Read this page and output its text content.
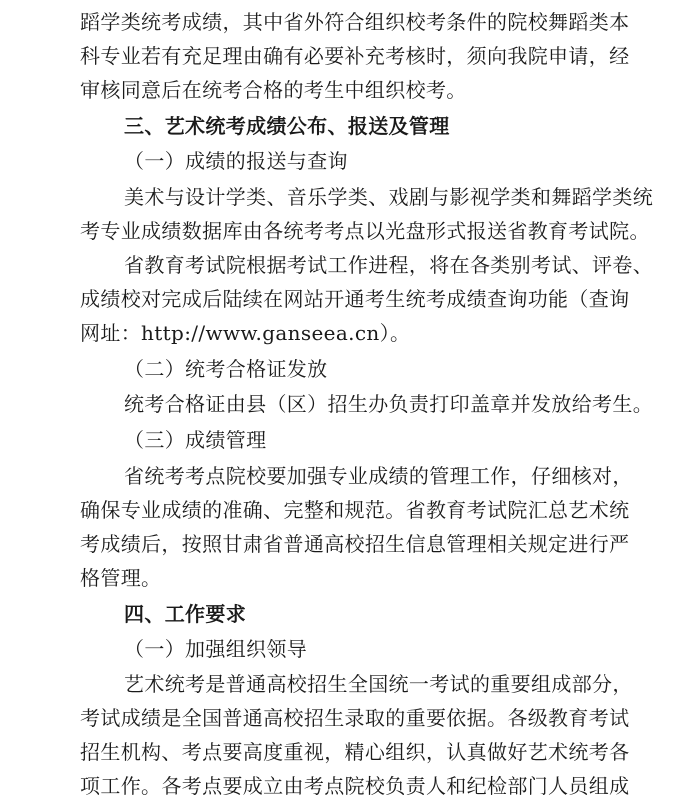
蹈学类统考成绩，其中省外符合组织校考条件的院校舞蹈类本
科专业若有充足理由确有必要补充考核时，须向我院申请，经
审核同意后在统考合格的考生中组织校考。
三、艺术统考成绩公布、报送及管理
（一）成绩的报送与查询
美术与设计学类、音乐学类、戏剧与影视学类和舞蹈学类统
考专业成绩数据库由各统考考点以光盘形式报送省教育考试院。
省教育考试院根据考试工作进程，将在各类别考试、评卷、
成绩校对完成后陆续在网站开通考生统考成绩查询功能（查询
网址：http://www.ganseea.cn）。
（二）统考合格证发放
统考合格证由县（区）招生办负责打印盖章并发放给考生。
（三）成绩管理
省统考考点院校要加强专业成绩的管理工作，仔细核对，
确保专业成绩的准确、完整和规范。省教育考试院汇总艺术统
考成绩后，按照甘肃省普通高校招生信息管理相关规定进行严
格管理。
四、工作要求
（一）加强组织领导
艺术统考是普通高校招生全国统一考试的重要组成部分，
考试成绩是全国普通高校招生录取的重要依据。各级教育考试
招生机构、考点要高度重视，精心组织，认真做好艺术统考各
项工作。各考点要成立由考点院校负责人和纪检部门人员组成
